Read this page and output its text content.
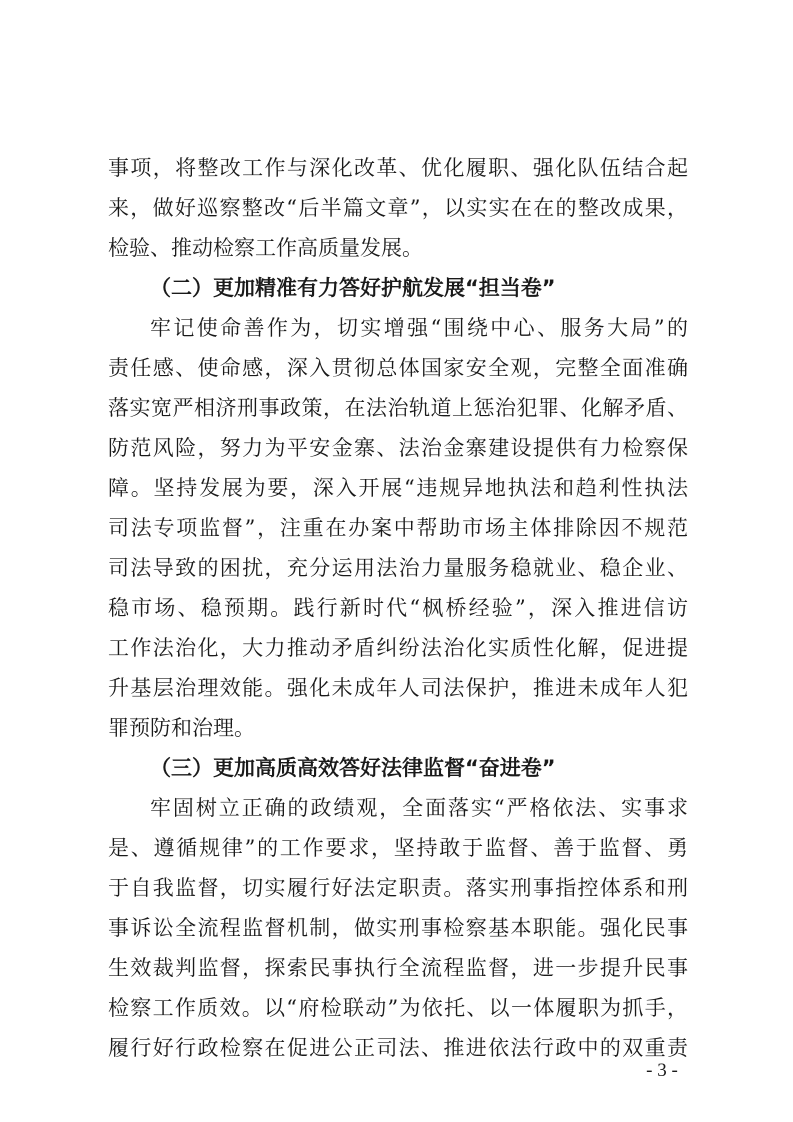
事项，将整改工作与深化改革、优化履职、强化队伍结合起
来，做好巡察整改“后半篇文章”，以实实在在的整改成果，
检验、推动检察工作高质量发展。
（二）更加精准有力答好护航发展“担当卷”
牢记使命善作为，切实增强“围绕中心、服务大局”的
责任感、使命感，深入贯彻总体国家安全观，完整全面准确
落实宽严相济刑事政策，在法治轨道上惩治犯罪、化解矛盾、
防范风险，努力为平安金寨、法治金寨建设提供有力检察保
障。坚持发展为要，深入开展“违规异地执法和趋利性执法
司法专项监督”，注重在办案中帮助市场主体排除因不规范
司法导致的困扰，充分运用法治力量服务稳就业、稳企业、
稳市场、稳预期。践行新时代“枫桥经验”，深入推进信访
工作法治化，大力推动矛盾纠纷法治化实质性化解，促进提
升基层治理效能。强化未成年人司法保护，推进未成年人犯
罪预防和治理。
（三）更加高质高效答好法律监督“奋进卷”
牢固树立正确的政绩观，全面落实“严格依法、实事求
是、遵循规律”的工作要求，坚持敢于监督、善于监督、勇
于自我监督，切实履行好法定职责。落实刑事指控体系和刑
事诉讼全流程监督机制，做实刑事检察基本职能。强化民事
生效裁判监督，探索民事执行全流程监督，进一步提升民事
检察工作质效。以“府检联动”为依托、以一体履职为抓手，
履行好行政检察在促进公正司法、推进依法行政中的双重责
- 3 -
